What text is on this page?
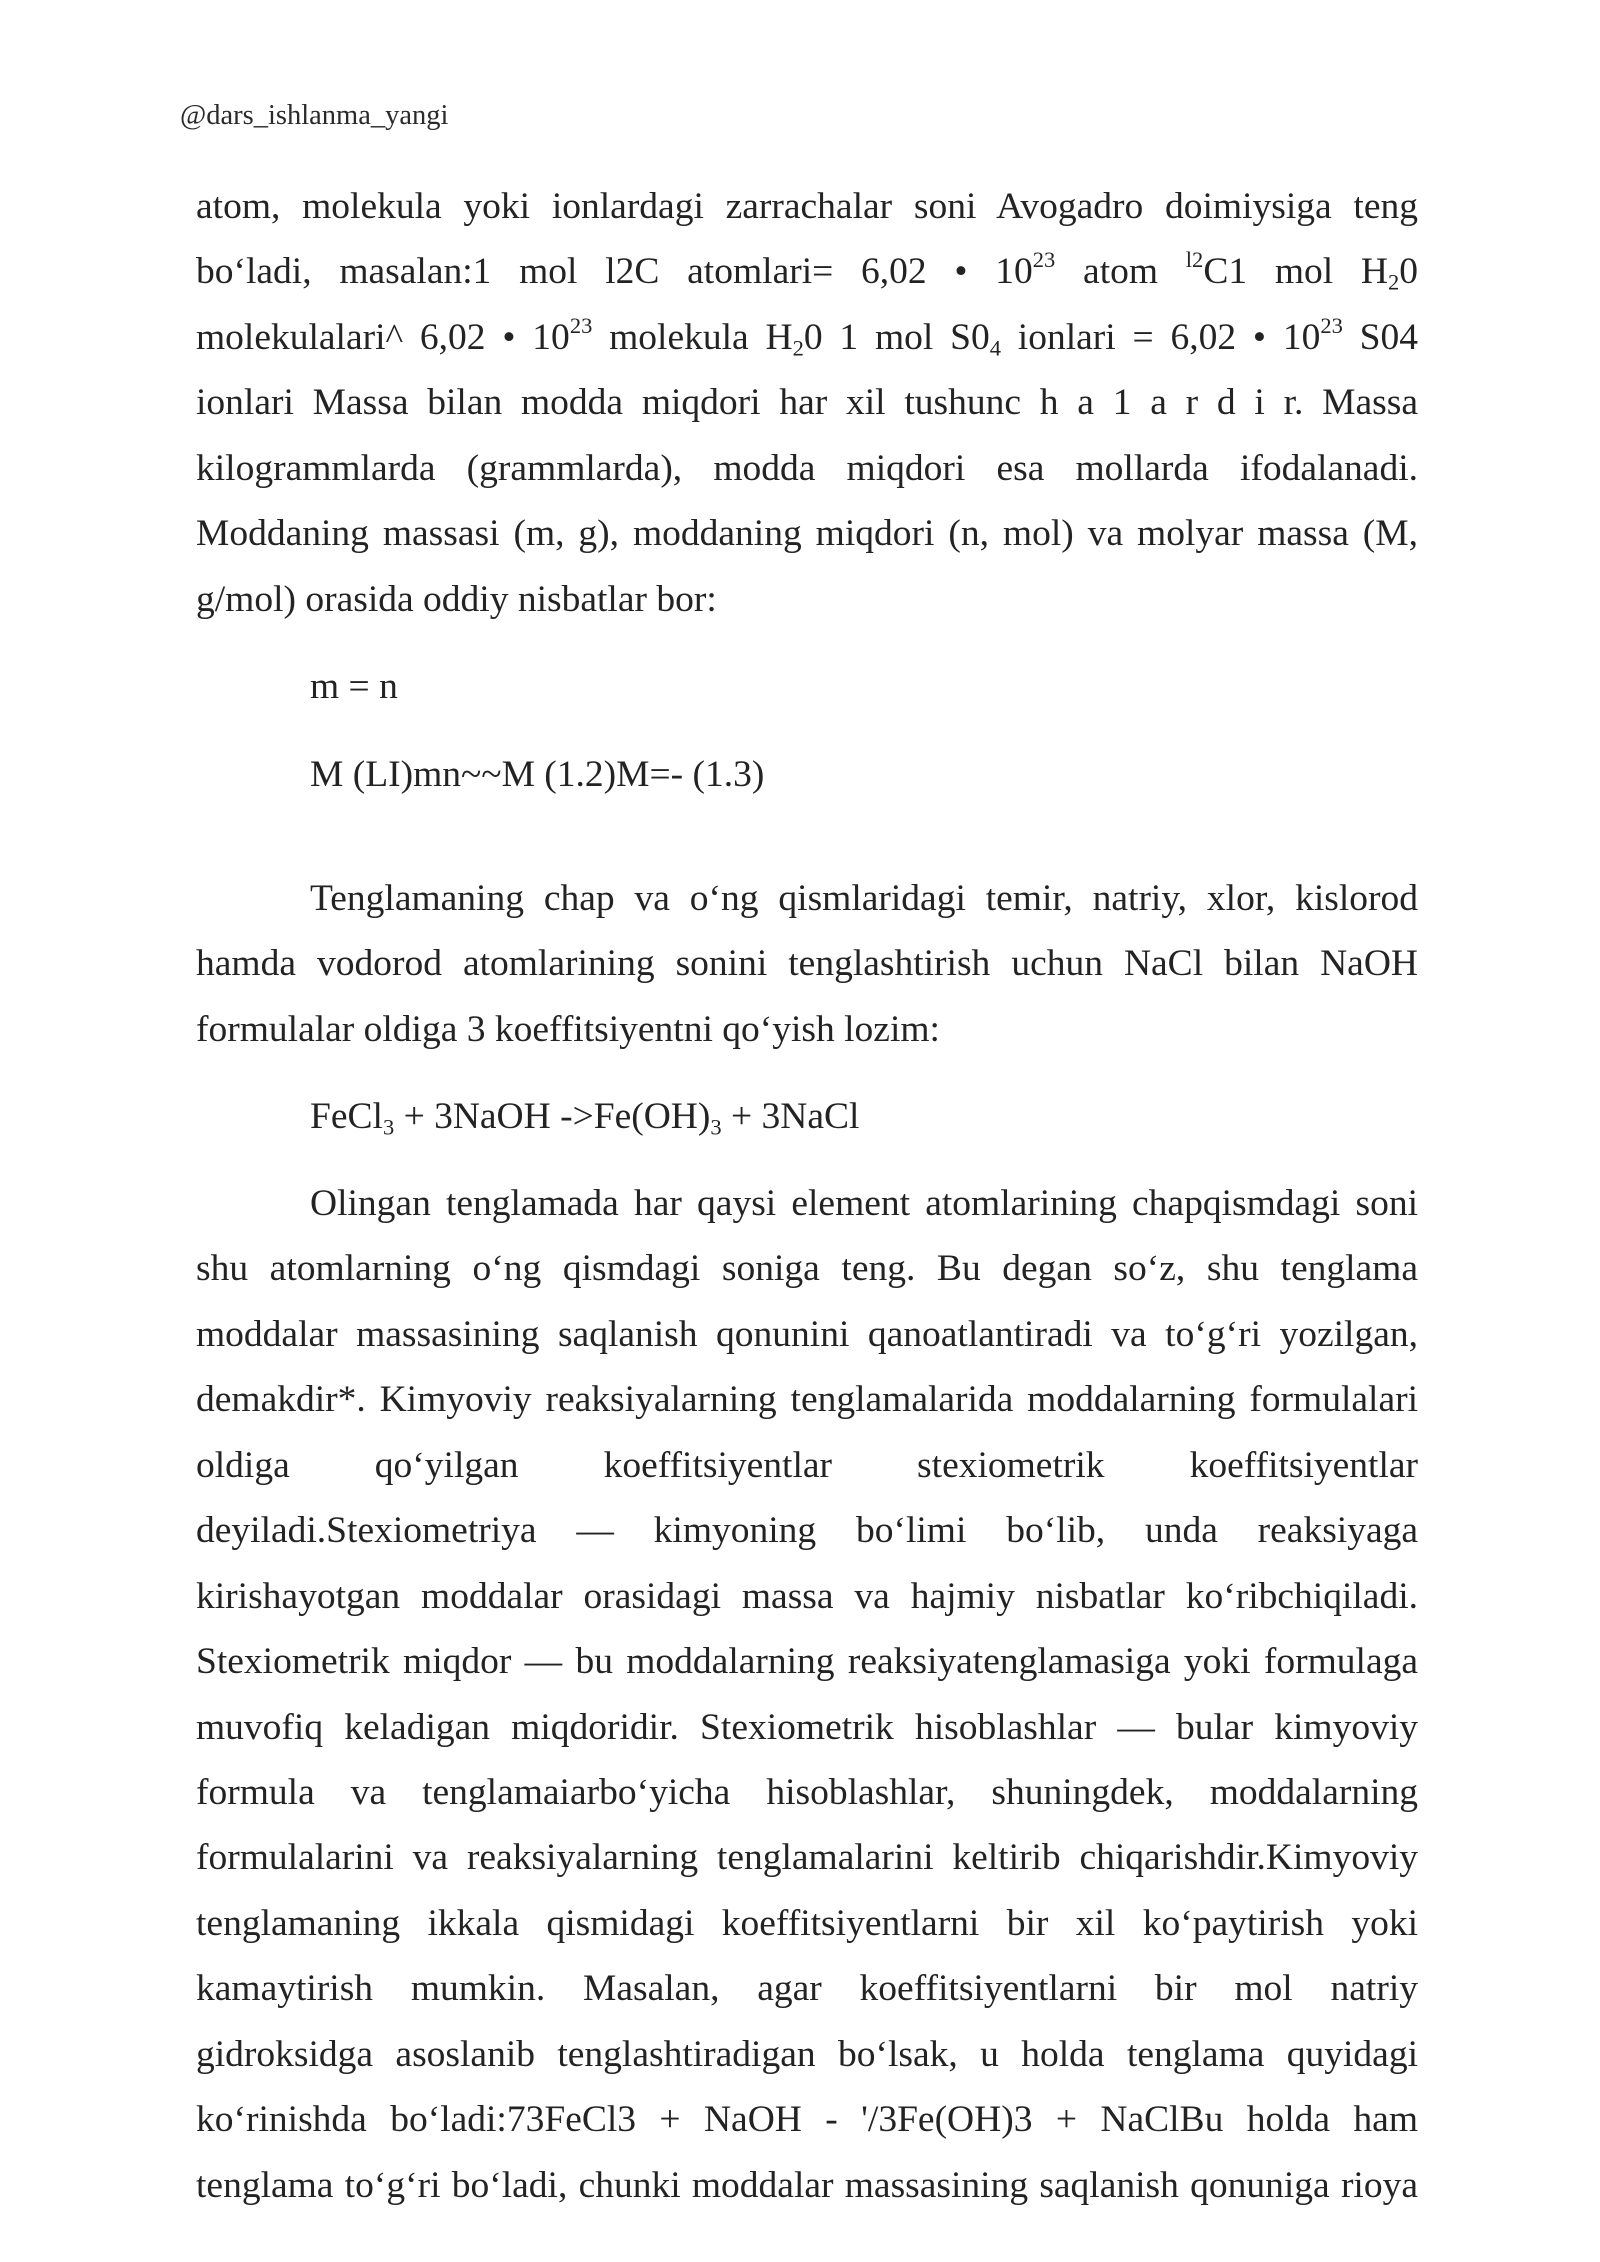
@dars_ishlanma_yangi
atom, molekula yoki ionlardagi zarrachalar soni Avogadro doimiysiga teng
bo‘ladi, masalan:1 mol l2C atomlari= 6,02 • $10^{23}$ atom $^{l2}$C1 mol $H_20$
molekulalari^ 6,02 • $10^{23}$ molekula $H_20$ 1 mol $S0_4$ ionlari = 6,02 • $10^{23}$ S04
ionlari Massa bilan modda miqdori har xil tushunc h a 1 a r d i r. Massa
kilogrammlarda (grammlarda), modda miqdori esa mollarda ifodalanadi.
Moddaning massasi (m, g), moddaning miqdori (n, mol) va molyar massa (M,
g/mol) orasida oddiy nisbatlar bor:
m = n
M (LI)mn~~M (1.2)M=- (1.3)
Tenglamaning chap va o‘ng qismlaridagi temir, natriy, xlor, kislorod
hamda vodorod atomlarining sonini tenglashtirish uchun NaCl bilan NaOH
formulalar oldiga 3 koeffitsiyentni qo‘yish lozim:
FeCl$_3$ + 3NaOH $->Fe(OH)_3$ + 3NaCl
Olingan tenglamada har qaysi element atomlarining chapqismdagi soni
shu atomlarning o‘ng qismdagi soniga teng. Bu degan so‘z, shu tenglama
moddalar massasining saqlanish qonunini qanoatlantiradi va to‘g‘ri yozilgan,
demakdir*. Kimyoviy reaksiyalarning tenglamalarida moddalarning formulalari
oldiga qo‘yilgan koeffitsiyentlar stexiometrik koeffitsiyentlar
deyiladi.Stexiometriya — kimyoning bo‘limi bo‘lib, unda reaksiyaga
kirishayotgan moddalar orasidagi massa va hajmiy nisbatlar ko‘ribchiqiladi.
Stexiometrik miqdor — bu moddalarning reaksiyatenglamasiga yoki formulaga
muvofiq keladigan miqdoridir. Stexiometrik hisoblashlar — bular kimyoviy
formula va tenglamaiarbo‘yicha hisoblashlar, shuningdek, moddalarning
formulalarini va reaksiyalarning tenglamalarini keltirib chiqarishdir.Kimyoviy
tenglamaning ikkala qismidagi koeffitsiyentlarni bir xil ko‘paytirish yoki
kamaytirish mumkin. Masalan, agar koeffitsiyentlarni bir mol natriy
gidroksidga asoslanib tenglashtiradigan bo‘lsak, u holda tenglama quyidagi
ko‘rinishda bo‘ladi:73FeCl3 + NaOH - '/3Fe(OH)3 + NaClBu holda ham
tenglama to‘g‘ri bo‘ladi, chunki moddalar massasining saqlanish qonuniga rioya
